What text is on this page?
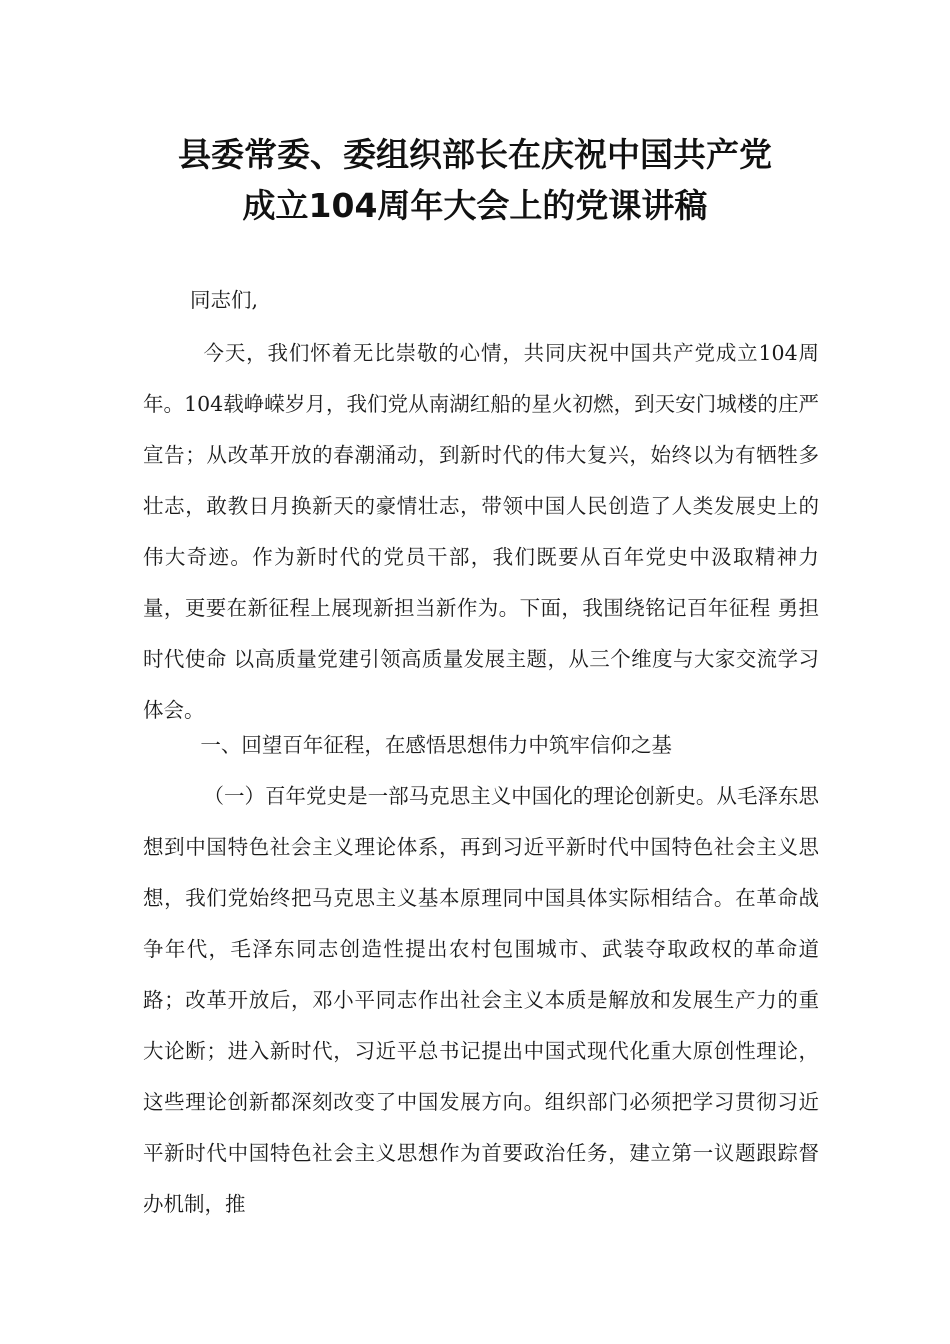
县委常委、委组织部长在庆祝中国共产党
成立104周年大会上的党课讲稿
同志们,
今天，我们怀着无比崇敬的心情，共同庆祝中国共产党成立104周年。104载峥嵘岁月，我们党从南湖红船的星火初燃，到天安门城楼的庄严宣告；从改革开放的春潮涌动，到新时代的伟大复兴，始终以为有牺牲多壮志，敢教日月换新天的豪情壮志，带领中国人民创造了人类发展史上的伟大奇迹。作为新时代的党员干部，我们既要从百年党史中汲取精神力量，更要在新征程上展现新担当新作为。下面，我围绕铭记百年征程 勇担时代使命 以高质量党建引领高质量发展主题，从三个维度与大家交流学习体会。
一、回望百年征程，在感悟思想伟力中筑牢信仰之基
（一）百年党史是一部马克思主义中国化的理论创新史。从毛泽东思想到中国特色社会主义理论体系，再到习近平新时代中国特色社会主义思想，我们党始终把马克思主义基本原理同中国具体实际相结合。在革命战争年代，毛泽东同志创造性提出农村包围城市、武装夺取政权的革命道路；改革开放后，邓小平同志作出社会主义本质是解放和发展生产力的重大论断；进入新时代，习近平总书记提出中国式现代化重大原创性理论，这些理论创新都深刻改变了中国发展方向。组织部门必须把学习贯彻习近平新时代中国特色社会主义思想作为首要政治任务，建立第一议题跟踪督办机制，推
